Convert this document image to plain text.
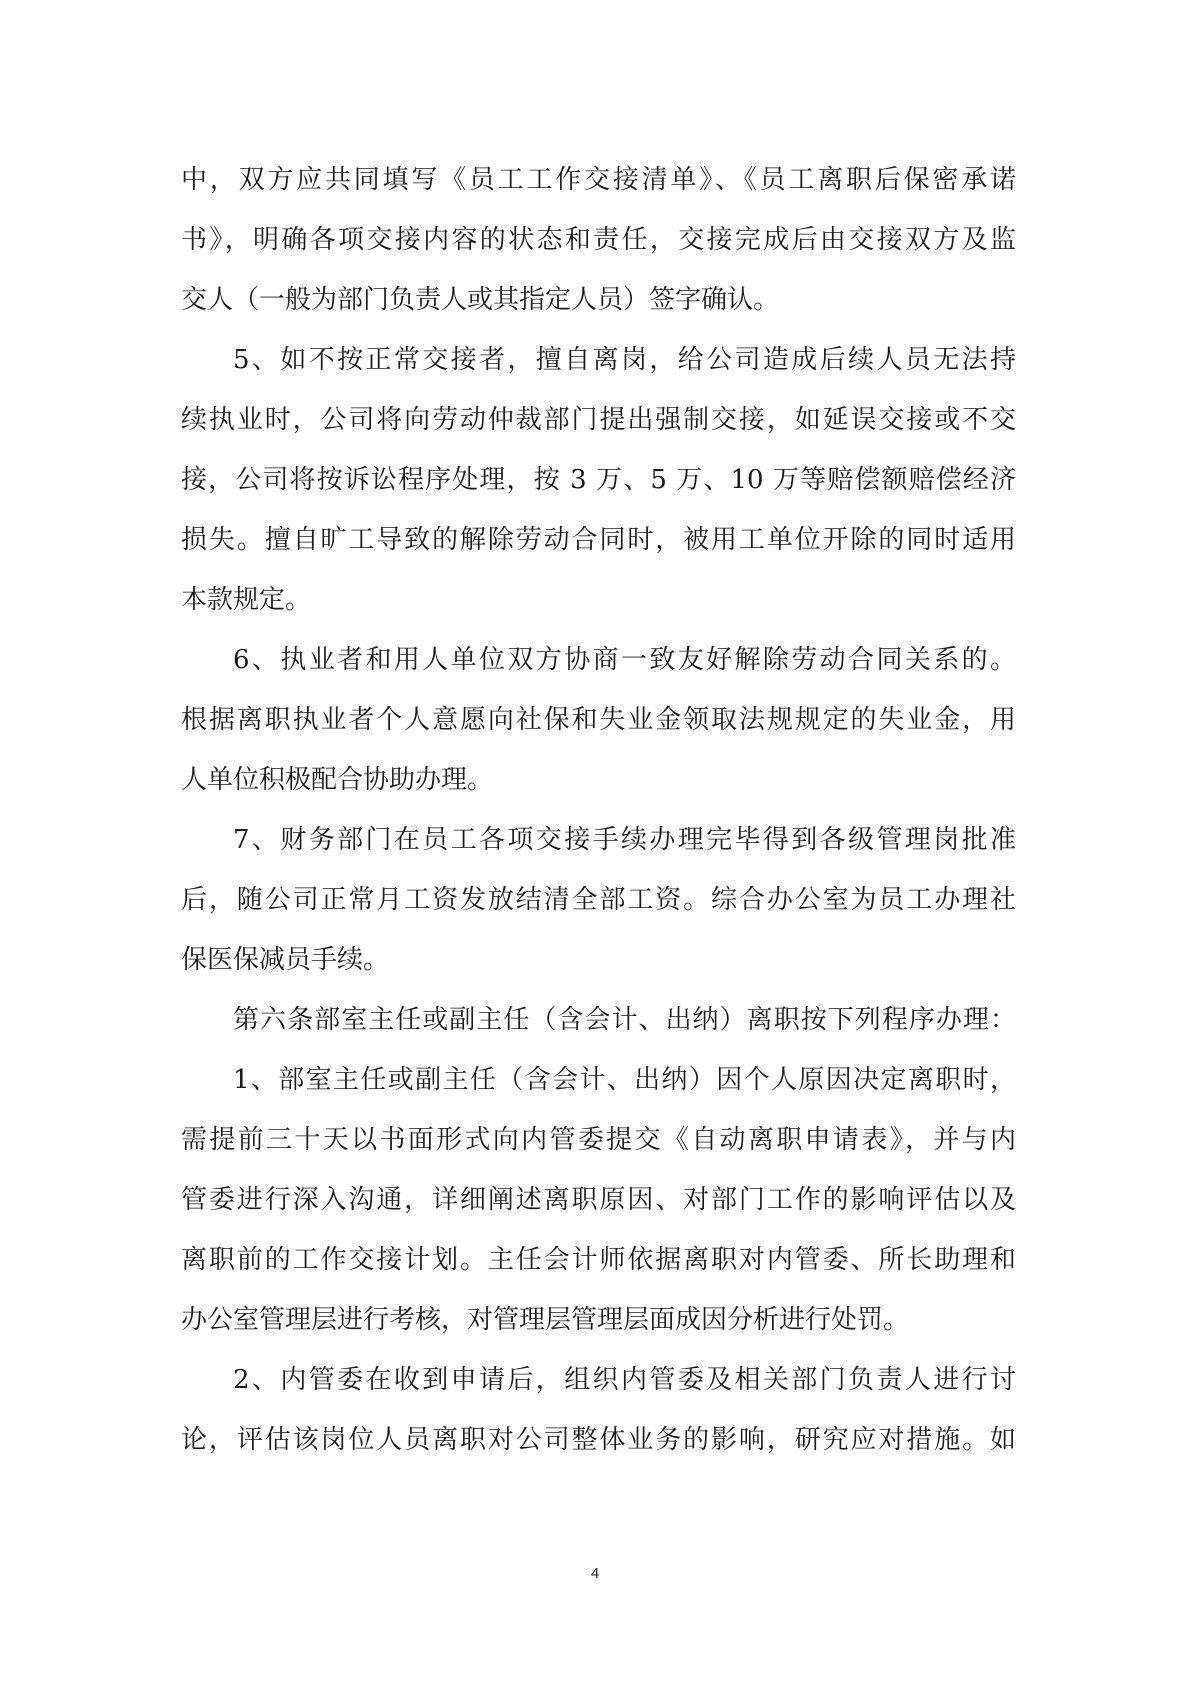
中，双方应共同填写《员工工作交接清单》、《员工离职后保密承诺
书》，明确各项交接内容的状态和责任，交接完成后由交接双方及监
交人（一般为部门负责人或其指定人员）签字确认。
5、如不按正常交接者，擅自离岗，给公司造成后续人员无法持
续执业时，公司将向劳动仲裁部门提出强制交接，如延误交接或不交
接，公司将按诉讼程序处理，按 3 万、5 万、10 万等赔偿额赔偿经济
损失。擅自旷工导致的解除劳动合同时，被用工单位开除的同时适用
本款规定。
6、执业者和用人单位双方协商一致友好解除劳动合同关系的。
根据离职执业者个人意愿向社保和失业金领取法规规定的失业金，用
人单位积极配合协助办理。
7、财务部门在员工各项交接手续办理完毕得到各级管理岗批准
后，随公司正常月工资发放结清全部工资。综合办公室为员工办理社
保医保减员手续。
第六条部室主任或副主任（含会计、出纳）离职按下列程序办理：
1、部室主任或副主任（含会计、出纳）因个人原因决定离职时，
需提前三十天以书面形式向内管委提交《自动离职申请表》，并与内
管委进行深入沟通，详细阐述离职原因、对部门工作的影响评估以及
离职前的工作交接计划。主任会计师依据离职对内管委、所长助理和
办公室管理层进行考核，对管理层管理层面成因分析进行处罚。
2、内管委在收到申请后，组织内管委及相关部门负责人进行讨
论，评估该岗位人员离职对公司整体业务的影响，研究应对措施。如
4
